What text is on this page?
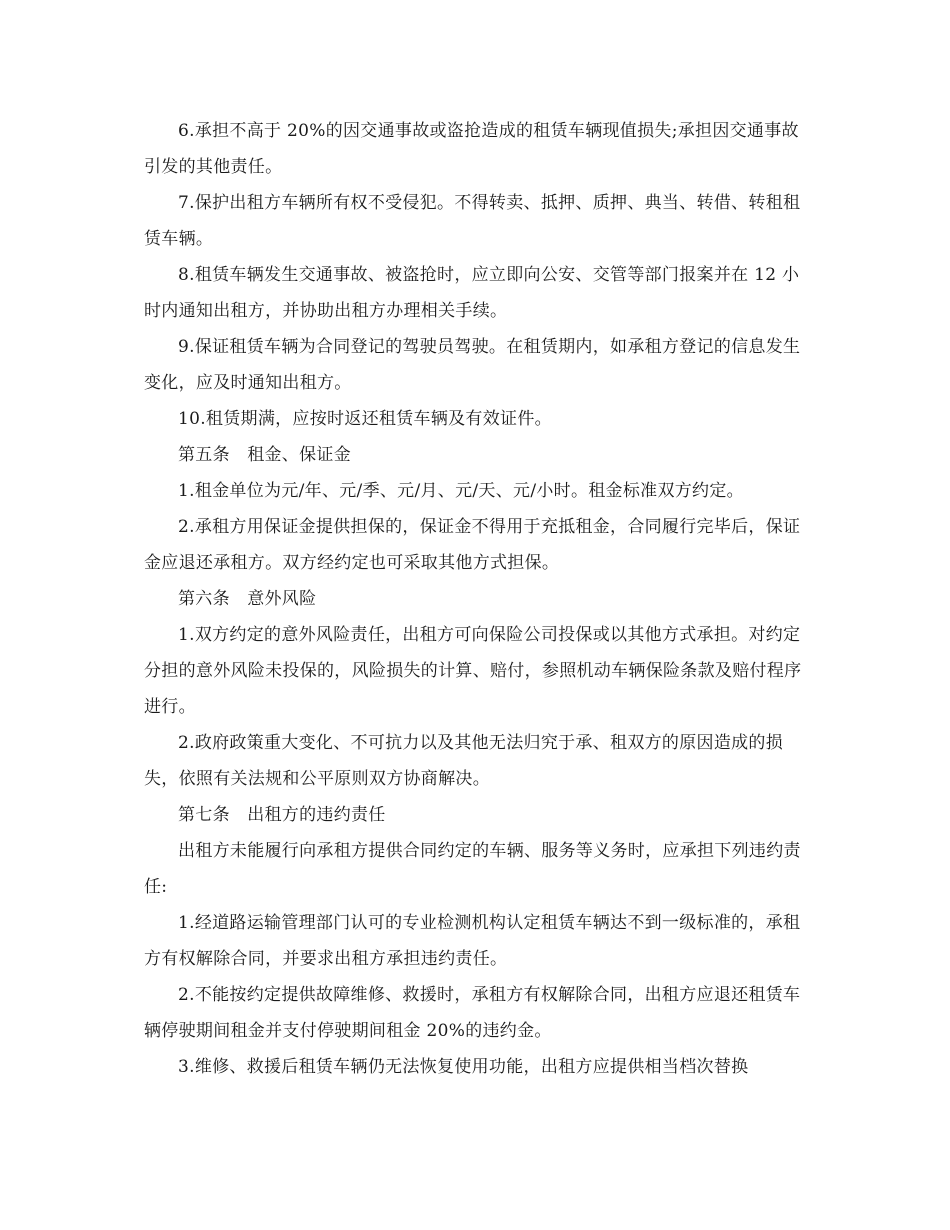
6.承担不高于 20%的因交通事故或盗抢造成的租赁车辆现值损失;承担因交通事故引发的其他责任。

7.保护出租方车辆所有权不受侵犯。不得转卖、抵押、质押、典当、转借、转租租赁车辆。

8.租赁车辆发生交通事故、被盗抢时，应立即向公安、交管等部门报案并在 12 小时内通知出租方，并协助出租方办理相关手续。

9.保证租赁车辆为合同登记的驾驶员驾驶。在租赁期内，如承租方登记的信息发生变化，应及时通知出租方。

10.租赁期满，应按时返还租赁车辆及有效证件。

第五条　租金、保证金

1.租金单位为元/年、元/季、元/月、元/天、元/小时。租金标准双方约定。

2.承租方用保证金提供担保的，保证金不得用于充抵租金，合同履行完毕后，保证金应退还承租方。双方经约定也可采取其他方式担保。

第六条　意外风险

1.双方约定的意外风险责任，出租方可向保险公司投保或以其他方式承担。对约定分担的意外风险未投保的，风险损失的计算、赔付，参照机动车辆保险条款及赔付程序进行。

2.政府政策重大变化、不可抗力以及其他无法归究于承、租双方的原因造成的损失，依照有关法规和公平原则双方协商解决。

第七条　出租方的违约责任

出租方未能履行向承租方提供合同约定的车辆、服务等义务时，应承担下列违约责任:

1.经道路运输管理部门认可的专业检测机构认定租赁车辆达不到一级标准的，承租方有权解除合同，并要求出租方承担违约责任。

2.不能按约定提供故障维修、救援时，承租方有权解除合同，出租方应退还租赁车辆停驶期间租金并支付停驶期间租金 20%的违约金。

3.维修、救援后租赁车辆仍无法恢复使用功能，出租方应提供相当档次替换
